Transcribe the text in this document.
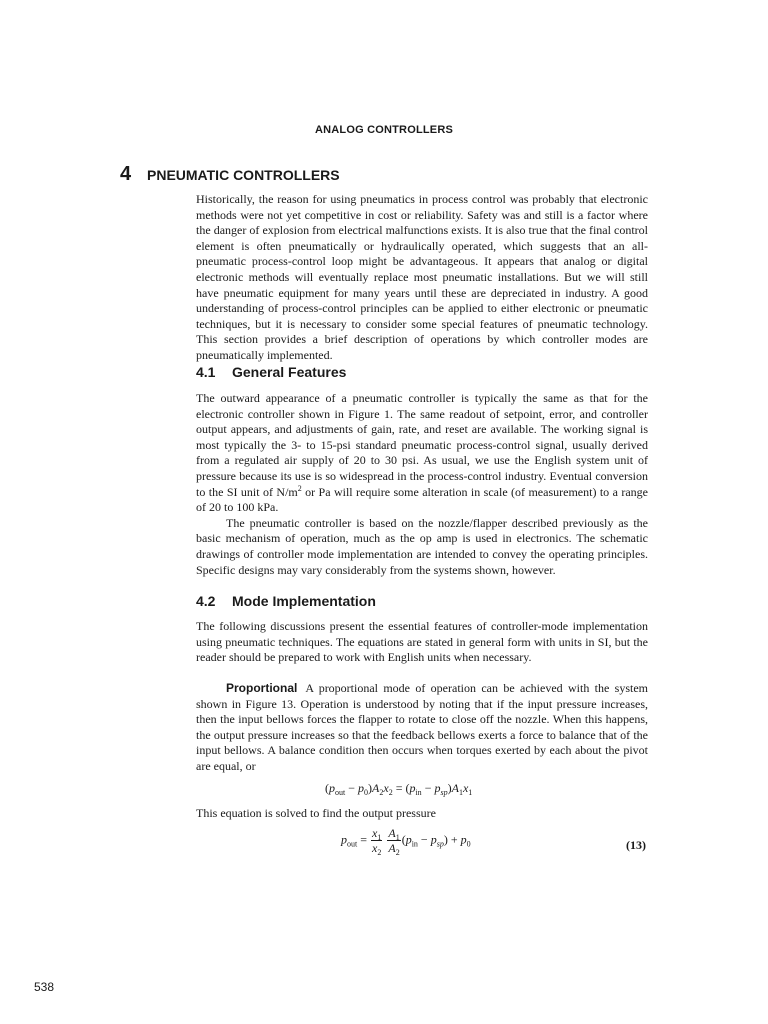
ANALOG CONTROLLERS
4 PNEUMATIC CONTROLLERS

Historically, the reason for using pneumatics in process control was probably that electronic methods were not yet competitive in cost or reliability. Safety was and still is a factor where the danger of explosion from electrical malfunctions exists. It is also true that the final control element is often pneumatically or hydraulically operated, which suggests that an all-pneumatic process-control loop might be advantageous. It appears that analog or digital electronic methods will eventually replace most pneumatic installations. But we will still have pneumatic equipment for many years until these are depreciated in industry. A good understanding of process-control principles can be applied to either electronic or pneumatic techniques, but it is necessary to consider some special features of pneumatic technology. This section provides a brief description of operations by which controller modes are pneumatically implemented.

4.1 General Features

The outward appearance of a pneumatic controller is typically the same as that for the electronic controller shown in Figure 1. The same readout of setpoint, error, and controller output appears, and adjustments of gain, rate, and reset are available. The working signal is most typically the 3- to 15-psi standard pneumatic process-control signal, usually derived from a regulated air supply of 20 to 30 psi. As usual, we use the English system unit of pressure because its use is so widespread in the process-control industry. Eventual conversion to the SI unit of $N/m^2$ or Pa will require some alteration in scale (of measurement) to a range of 20 to 100 kPa.

The pneumatic controller is based on the nozzle/flapper described previously as the basic mechanism of operation, much as the op amp is used in electronics. The schematic drawings of controller mode implementation are intended to convey the operating principles. Specific designs may vary considerably from the systems shown, however.

4.2 Mode Implementation

The following discussions present the essential features of controller-mode implementation using pneumatic techniques. The equations are stated in general form with units in SI, but the reader should be prepared to work with English units when necessary.

Proportional A proportional mode of operation can be achieved with the system shown in Figure 13. Operation is understood by noting that if the input pressure increases, then the input bellows forces the flapper to rotate to close off the nozzle. When this happens, the output pressure increases so that the feedback bellows exerts a force to balance that of the input bellows. A balance condition then occurs when torques exerted by each about the pivot are equal, or

$(p_{out} - p_0)A_2x_2 = (p_{in} - p_{sp})A_1x_1$

This equation is solved to find the output pressure

$p_{out} = \frac{x_1}{x_2}$
$\frac{A_1}{A_2} (p_{in} - p_{sp}) + p_0$	(13)
538
